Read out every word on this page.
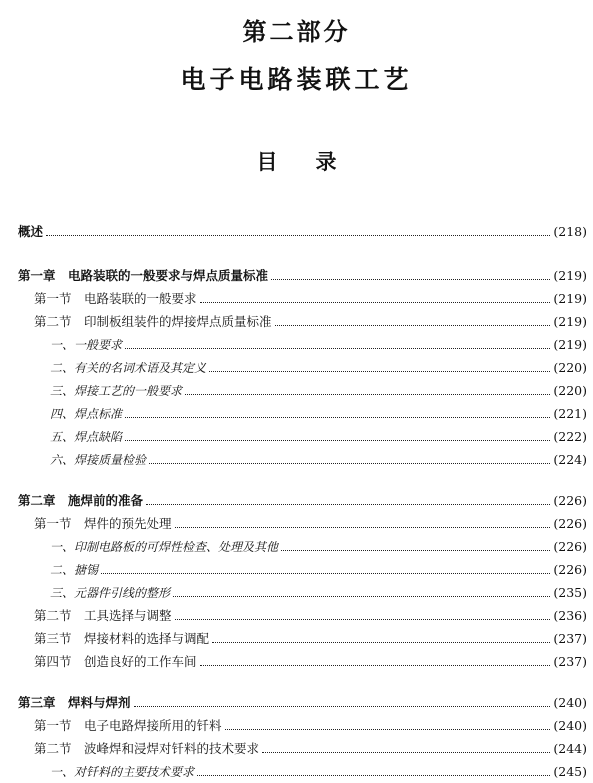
第二部分
电子电路装联工艺
目录
概述	(218)
第一章　电路装联的一般要求与焊点质量标准	(219)
第一节　电路装联的一般要求	(219)
第二节　印制板组装件的焊接焊点质量标准	(219)
一、一般要求	(219)
二、有关的名词术语及其定义	(220)
三、焊接工艺的一般要求	(220)
四、焊点标准	(221)
五、焊点缺陷	(222)
六、焊接质量检验	(224)
第二章　施焊前的准备	(226)
第一节　焊件的预先处理	(226)
一、印制电路板的可焊性检查、处理及其他	(226)
二、搪锡	(226)
三、元器件引线的整形	(235)
第二节　工具选择与调整	(236)
第三节　焊接材料的选择与调配	(237)
第四节　创造良好的工作车间	(237)
第三章　焊料与焊剂	(240)
第一节　电子电路焊接所用的钎料	(240)
第二节　波峰焊和浸焊对钎料的技术要求	(244)
一、对钎料的主要技术要求	(245)
